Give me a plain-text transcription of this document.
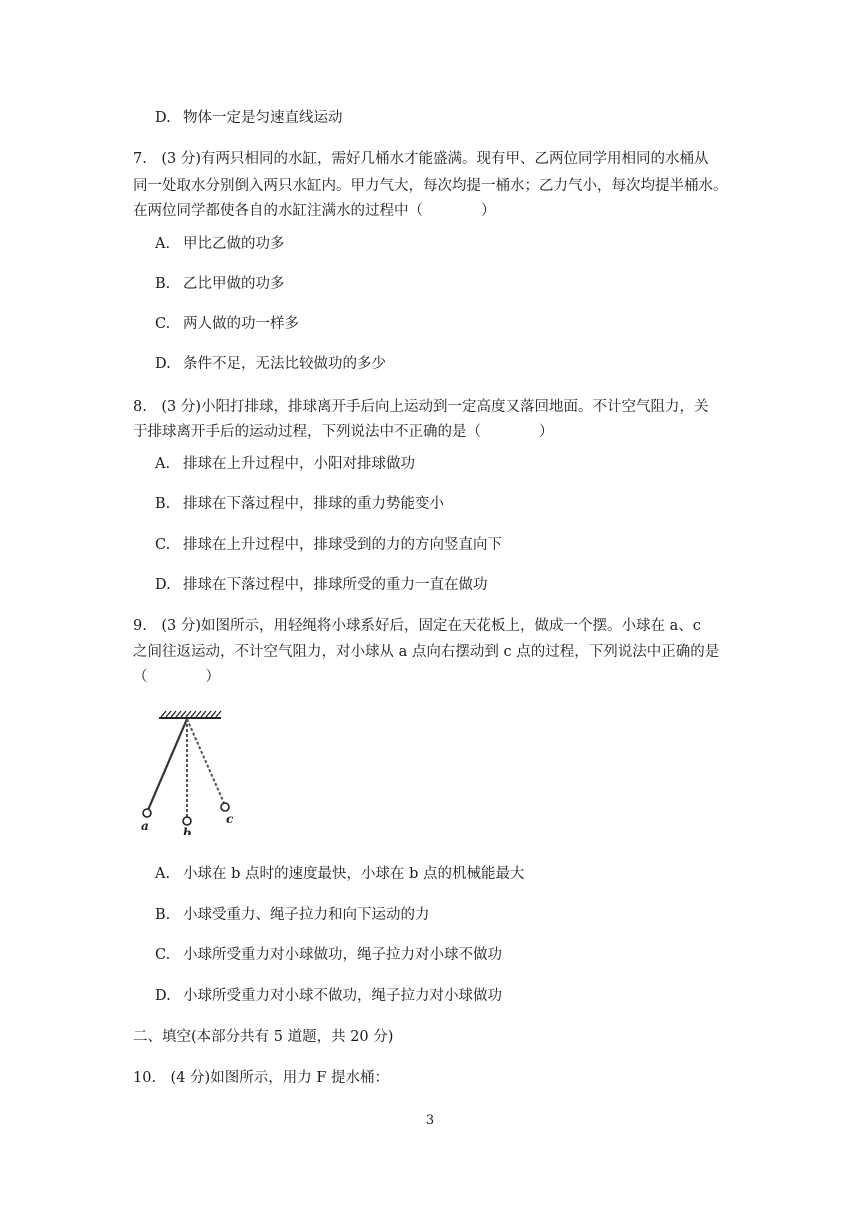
D. 物体一定是匀速直线运动
7.　(3 分)有两只相同的水缸，需好几桶水才能盛满。现有甲、乙两位同学用相同的水桶从
同一处取水分别倒入两只水缸内。甲力气大，每次均提一桶水；乙力气小，每次均提半桶水。
在两位同学都使各自的水缸注满水的过程中（　　　　）
A. 甲比乙做的功多
B. 乙比甲做的功多
C. 两人做的功一样多
D. 条件不足，无法比较做功的多少
8.　(3 分)小阳打排球，排球离开手后向上运动到一定高度又落回地面。不计空气阻力，关
于排球离开手后的运动过程，下列说法中不正确的是（　　　　）
A. 排球在上升过程中，小阳对排球做功
B. 排球在下落过程中，排球的重力势能变小
C. 排球在上升过程中，排球受到的力的方向竖直向下
D. 排球在下落过程中，排球所受的重力一直在做功
9.　(3 分)如图所示，用轻绳将小球系好后，固定在天花板上，做成一个摆。小球在 a、c
之间往返运动，不计空气阻力，对小球从 a 点向右摆动到 c 点的过程，下列说法中正确的是
（　　　　）
a	b
c
A. 小球在 b 点时的速度最快，小球在 b 点的机械能最大
B. 小球受重力、绳子拉力和向下运动的力
C. 小球所受重力对小球做功，绳子拉力对小球不做功
D. 小球所受重力对小球不做功，绳子拉力对小球做功
二、填空(本部分共有 5 道题，共 20 分)
10.　(4 分)如图所示，用力 F 提水桶：
3
